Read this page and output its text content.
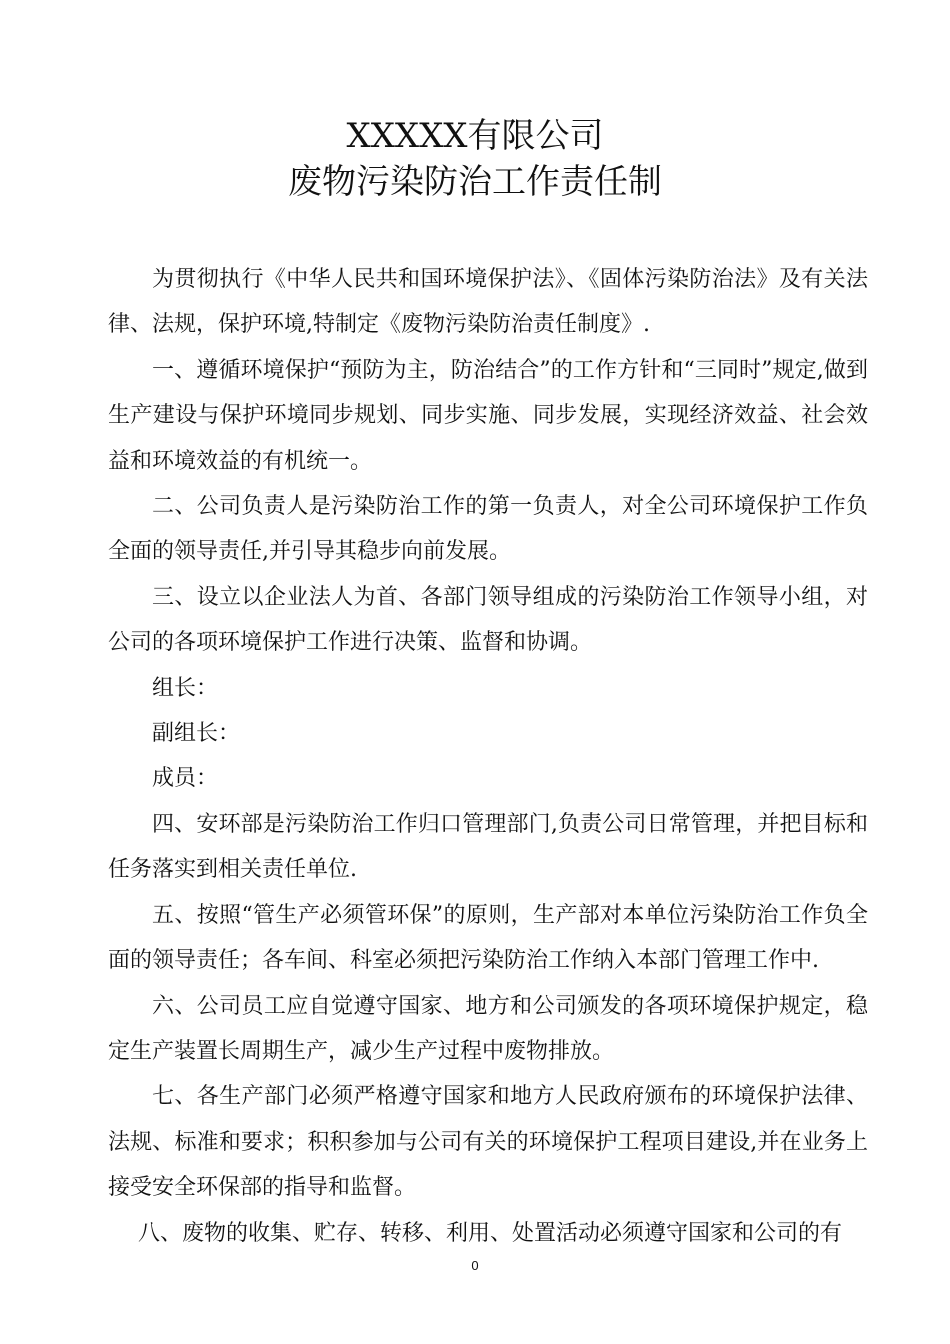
XXXXX有限公司
废物污染防治工作责任制

为贯彻执行《中华人民共和国环境保护法》、《固体污染防治法》及有关法律、法规，保护环境,特制定《废物污染防治责任制度》.

一、遵循环境保护“预防为主，防治结合”的工作方针和“三同时”规定,做到生产建设与保护环境同步规划、同步实施、同步发展，实现经济效益、社会效益和环境效益的有机统一。

二、公司负责人是污染防治工作的第一负责人，对全公司环境保护工作负全面的领导责任,并引导其稳步向前发展。

三、设立以企业法人为首、各部门领导组成的污染防治工作领导小组，对公司的各项环境保护工作进行决策、监督和协调。

组长：

副组长：

成员：

四、安环部是污染防治工作归口管理部门,负责公司日常管理，并把目标和任务落实到相关责任单位.

五、按照“管生产必须管环保”的原则，生产部对本单位污染防治工作负全面的领导责任；各车间、科室必须把污染防治工作纳入本部门管理工作中.

六、公司员工应自觉遵守国家、地方和公司颁发的各项环境保护规定，稳定生产装置长周期生产，减少生产过程中废物排放。

七、各生产部门必须严格遵守国家和地方人民政府颁布的环境保护法律、法规、标准和要求；积积参加与公司有关的环境保护工程项目建设,并在业务上接受安全环保部的指导和监督。

八、废物的收集、贮存、转移、利用、处置活动必须遵守国家和公司的有

0
